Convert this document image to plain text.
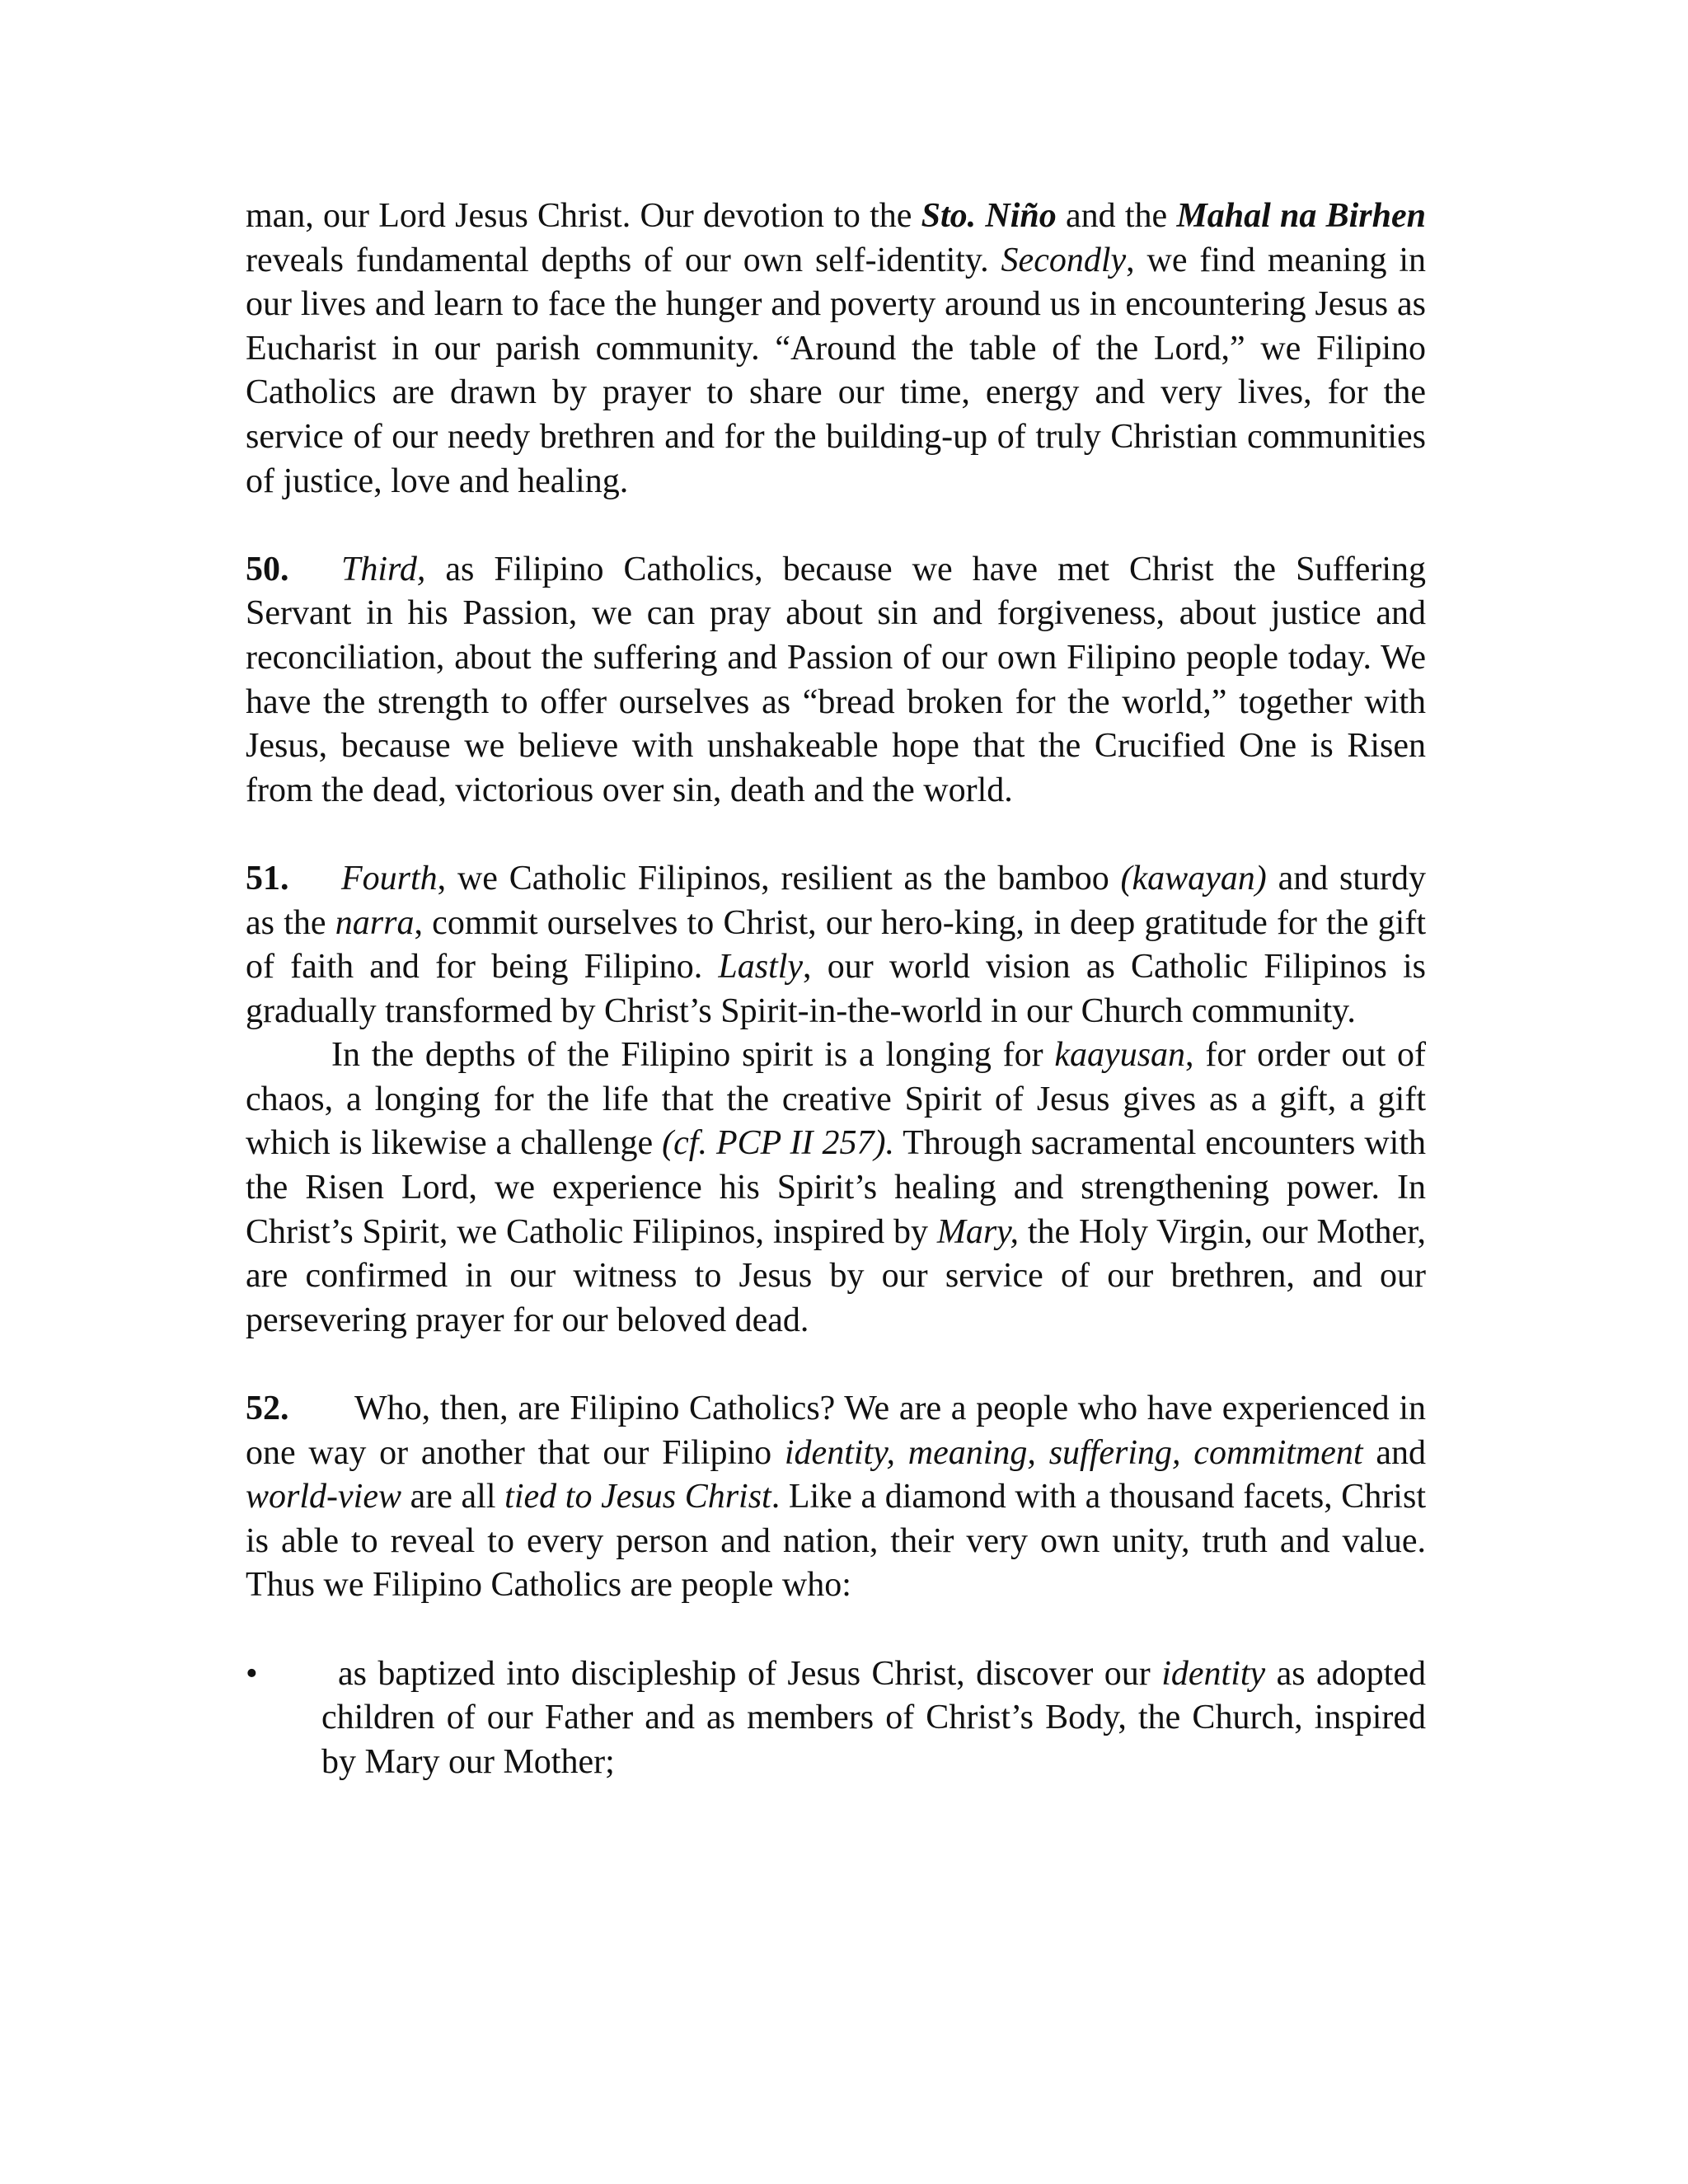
man, our Lord Jesus Christ. Our devotion to the Sto. Niño and the Mahal na Birhen reveals fundamental depths of our own self-identity. Secondly, we find meaning in our lives and learn to face the hunger and poverty around us in encountering Jesus as Eucharist in our parish community. “Around the table of the Lord,” we Filipino Catholics are drawn by prayer to share our time, energy and very lives, for the service of our needy brethren and for the building-up of truly Christian communities of justice, love and healing.

50. Third, as Filipino Catholics, because we have met Christ the Suffering Servant in his Passion, we can pray about sin and forgiveness, about justice and reconciliation, about the suffering and Passion of our own Filipino people today. We have the strength to offer ourselves as “bread broken for the world,” together with Jesus, because we believe with unshakeable hope that the Crucified One is Risen from the dead, victorious over sin, death and the world.

51. Fourth, we Catholic Filipinos, resilient as the bamboo (kawayan) and sturdy as the narra, commit ourselves to Christ, our hero-king, in deep gratitude for the gift of faith and for being Filipino. Lastly, our world vision as Catholic Filipinos is gradually transformed by Christ’s Spirit-in-the-world in our Church community.

In the depths of the Filipino spirit is a longing for kaayusan, for order out of chaos, a longing for the life that the creative Spirit of Jesus gives as a gift, a gift which is likewise a challenge (cf. PCP II 257). Through sacramental encounters with the Risen Lord, we experience his Spirit’s healing and strengthening power. In Christ’s Spirit, we Catholic Filipinos, inspired by Mary, the Holy Virgin, our Mother, are confirmed in our witness to Jesus by our service of our brethren, and our persevering prayer for our beloved dead.

52. Who, then, are Filipino Catholics? We are a people who have experienced in one way or another that our Filipino identity, meaning, suffering, commitment and world-view are all tied to Jesus Christ. Like a diamond with a thousand facets, Christ is able to reveal to every person and nation, their very own unity, truth and value. Thus we Filipino Catholics are people who:

•	as baptized into discipleship of Jesus Christ, discover our identity as adopted children of our Father and as members of Christ’s Body, the Church, inspired by Mary our Mother;
